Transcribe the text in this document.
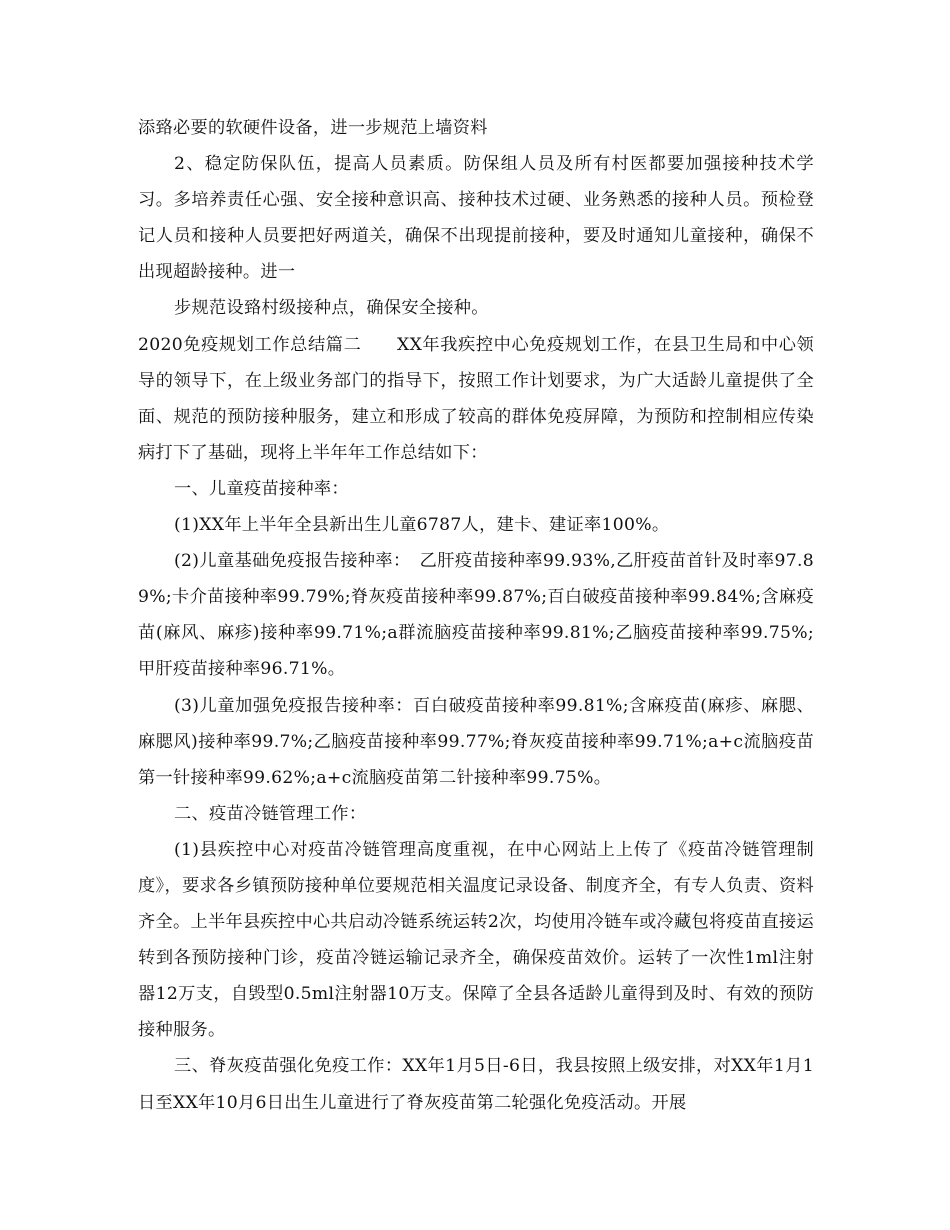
添臵必要的软硬件设备，进一步规范上墙资料

2、稳定防保队伍，提高人员素质。防保组人员及所有村医都要加强接种技术学习。多培养责任心强、安全接种意识高、接种技术过硬、业务熟悉的接种人员。预检登记人员和接种人员要把好两道关，确保不出现提前接种，要及时通知儿童接种，确保不出现超龄接种。进一

步规范设臵村级接种点，确保安全接种。

2020免疫规划工作总结篇二　　XX年我疾控中心免疫规划工作，在县卫生局和中心领导的领导下，在上级业务部门的指导下，按照工作计划要求，为广大适龄儿童提供了全面、规范的预防接种服务，建立和形成了较高的群体免疫屏障，为预防和控制相应传染病打下了基础，现将上半年年工作总结如下：

一、儿童疫苗接种率：

(1)XX年上半年全县新出生儿童6787人，建卡、建证率100%。

(2)儿童基础免疫报告接种率：　乙肝疫苗接种率99.93%,乙肝疫苗首针及时率97.89%;卡介苗接种率99.79%;脊灰疫苗接种率99.87%;百白破疫苗接种率99.84%;含麻疫苗(麻风、麻疹)接种率99.71%;a群流脑疫苗接种率99.81%;乙脑疫苗接种率99.75%;甲肝疫苗接种率96.71%。

(3)儿童加强免疫报告接种率：百白破疫苗接种率99.81%;含麻疫苗(麻疹、麻腮、麻腮风)接种率99.7%;乙脑疫苗接种率99.77%;脊灰疫苗接种率99.71%;a+c流脑疫苗第一针接种率99.62%;a+c流脑疫苗第二针接种率99.75%。

二、疫苗冷链管理工作：

(1)县疾控中心对疫苗冷链管理高度重视，在中心网站上上传了《疫苗冷链管理制度》，要求各乡镇预防接种单位要规范相关温度记录设备、制度齐全，有专人负责、资料齐全。上半年县疾控中心共启动冷链系统运转2次，均使用冷链车或冷藏包将疫苗直接运转到各预防接种门诊，疫苗冷链运输记录齐全，确保疫苗效价。运转了一次性1ml注射器12万支，自毁型0.5ml注射器10万支。保障了全县各适龄儿童得到及时、有效的预防接种服务。

三、脊灰疫苗强化免疫工作：XX年1月5日-6日，我县按照上级安排，对XX年1月1日至XX年10月6日出生儿童进行了脊灰疫苗第二轮强化免疫活动。开展
